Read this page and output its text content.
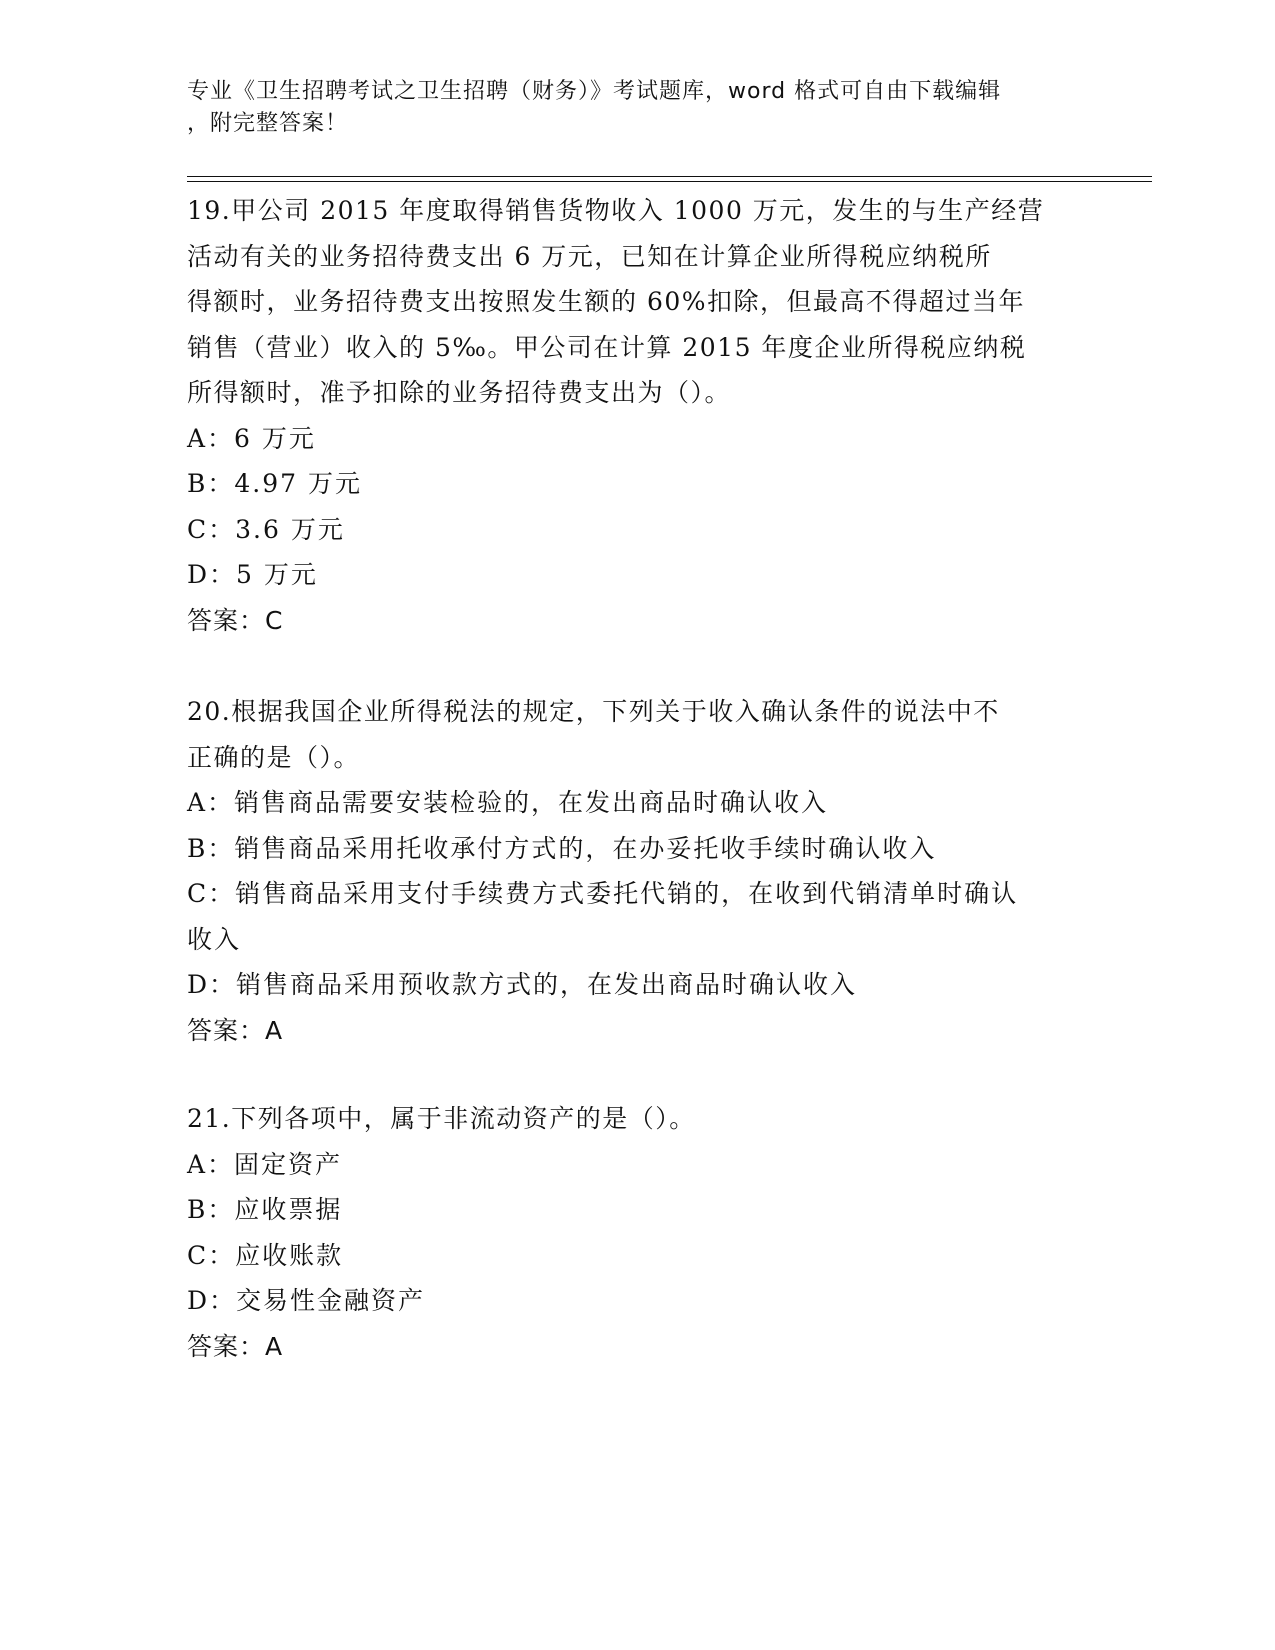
专业《卫生招聘考试之卫生招聘（财务）》考试题库，word 格式可自由下载编辑
，附完整答案！
19.甲公司 2015 年度取得销售货物收入 1000 万元，发生的与生产经营
活动有关的业务招待费支出 6 万元，已知在计算企业所得税应纳税所
得额时，业务招待费支出按照发生额的 60%扣除，但最高不得超过当年
销售（营业）收入的 5‰。甲公司在计算 2015 年度企业所得税应纳税
所得额时，准予扣除的业务招待费支出为（）。
A：6 万元
B：4.97 万元
C：3.6 万元
D：5 万元
答案：C
20.根据我国企业所得税法的规定，下列关于收入确认条件的说法中不
正确的是（）。
A：销售商品需要安装检验的，在发出商品时确认收入
B：销售商品采用托收承付方式的，在办妥托收手续时确认收入
C：销售商品采用支付手续费方式委托代销的，在收到代销清单时确认
收入
D：销售商品采用预收款方式的，在发出商品时确认收入
答案：A
21.下列各项中，属于非流动资产的是（）。
A：固定资产
B：应收票据
C：应收账款
D：交易性金融资产
答案：A
